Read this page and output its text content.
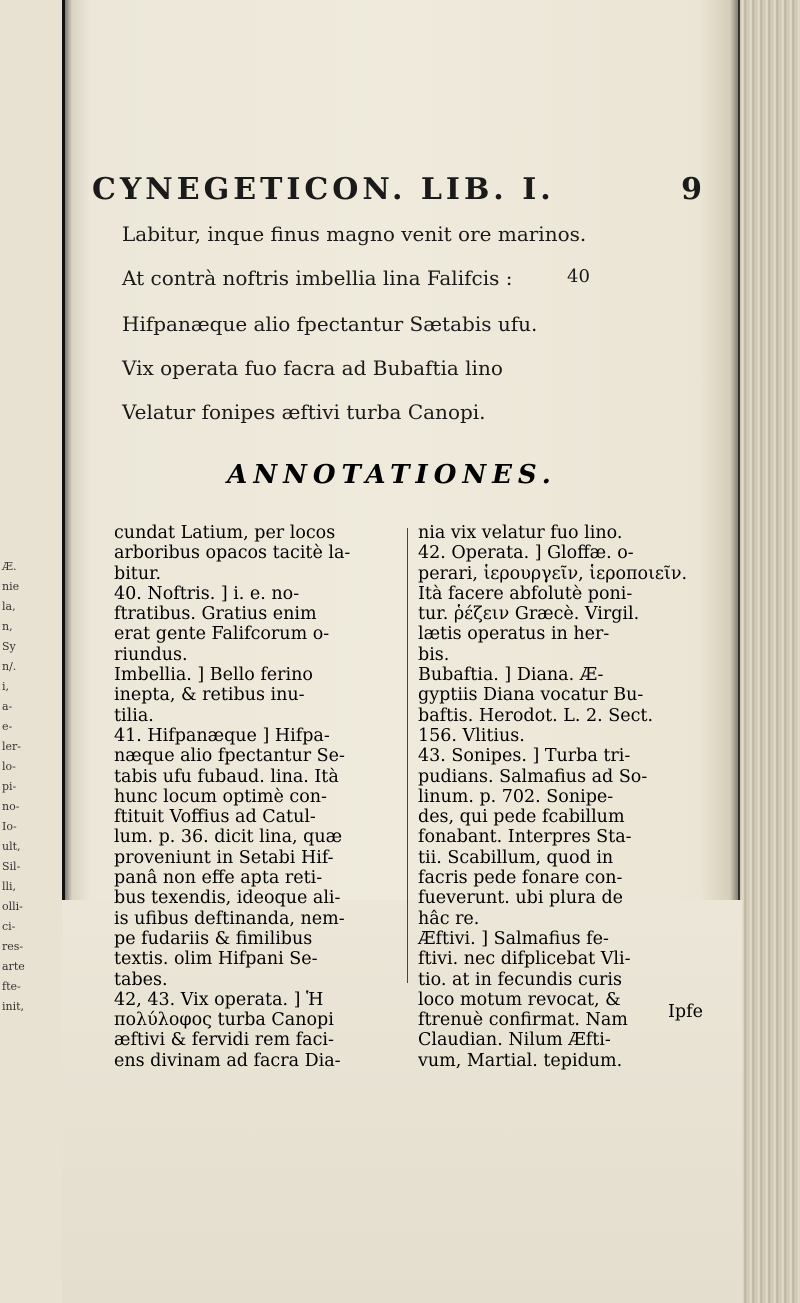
Æ.
nie
la,
n,
Sy
n/.
i,
a-
e-
ler-
lo-
pi-
no-
Io-
ult,
Sil-
lli,
olli-
ci-
res-
arte
fte-
init,
CYNEGETICON. LIB. I.	9
Labitur, inque finus magno venit ore marinos.
At contrà noftris imbellia lina Falifcis :	40
Hifpanæque alio fpectantur Sætabis ufu.
Vix operata fuo facra ad Bubaftia lino
Velatur fonipes æftivi turba Canopi.
ANNOTATIONES.
cundat Latium, per locos
arboribus opacos tacitè la-
bitur.
40. Noftris. ] i. e. no-
ftratibus. Gratius enim
erat gente Falifcorum o-
riundus.
Imbellia. ] Bello ferino
inepta, & retibus inu-
tilia.
41. Hifpanæque ] Hifpa-
næque alio fpectantur Se-
tabis ufu fubaud. lina. Ità
hunc locum optimè con-
ftituit Voffius ad Catul-
lum. p. 36. dicit lina, quæ
proveniunt in Setabi Hif-
panâ non effe apta reti-
bus texendis, ideoque ali-
is ufibus deftinanda, nem-
pe fudariis & fimilibus
textis. olim Hifpani Se-
tabes.
42, 43. Vix operata. ] Ἡ
πολύλοφος turba Canopi
æftivi & fervidi rem faci-
ens divinam ad facra Dia-
nia vix velatur fuo lino.
42. Operata. ] Gloffæ. o-
perari, ἱερουργεῖν, ἱεροποιεῖν.
Ità facere abfolutè poni-
tur. ῥέζειν Græcè. Virgil.
lætis operatus in her-
bis.
Bubaftia. ] Diana. Æ-
gyptiis Diana vocatur Bu-
baftis. Herodot. L. 2. Sect.
156. Vlitius.
43. Sonipes. ] Turba tri-
pudians. Salmafius ad So-
linum. p. 702. Sonipe-
des, qui pede fcabillum
fonabant. Interpres Sta-
tii. Scabillum, quod in
facris pede fonare con-
fueverunt. ubi plura de
hâc re.
Æftivi. ] Salmafius fe-
ftivi. nec difplicebat Vli-
tio. at in fecundis curis
loco motum revocat, &
ftrenuè confirmat. Nam
Claudian. Nilum Æfti-
vum, Martial. tepidum.
Ipfe
